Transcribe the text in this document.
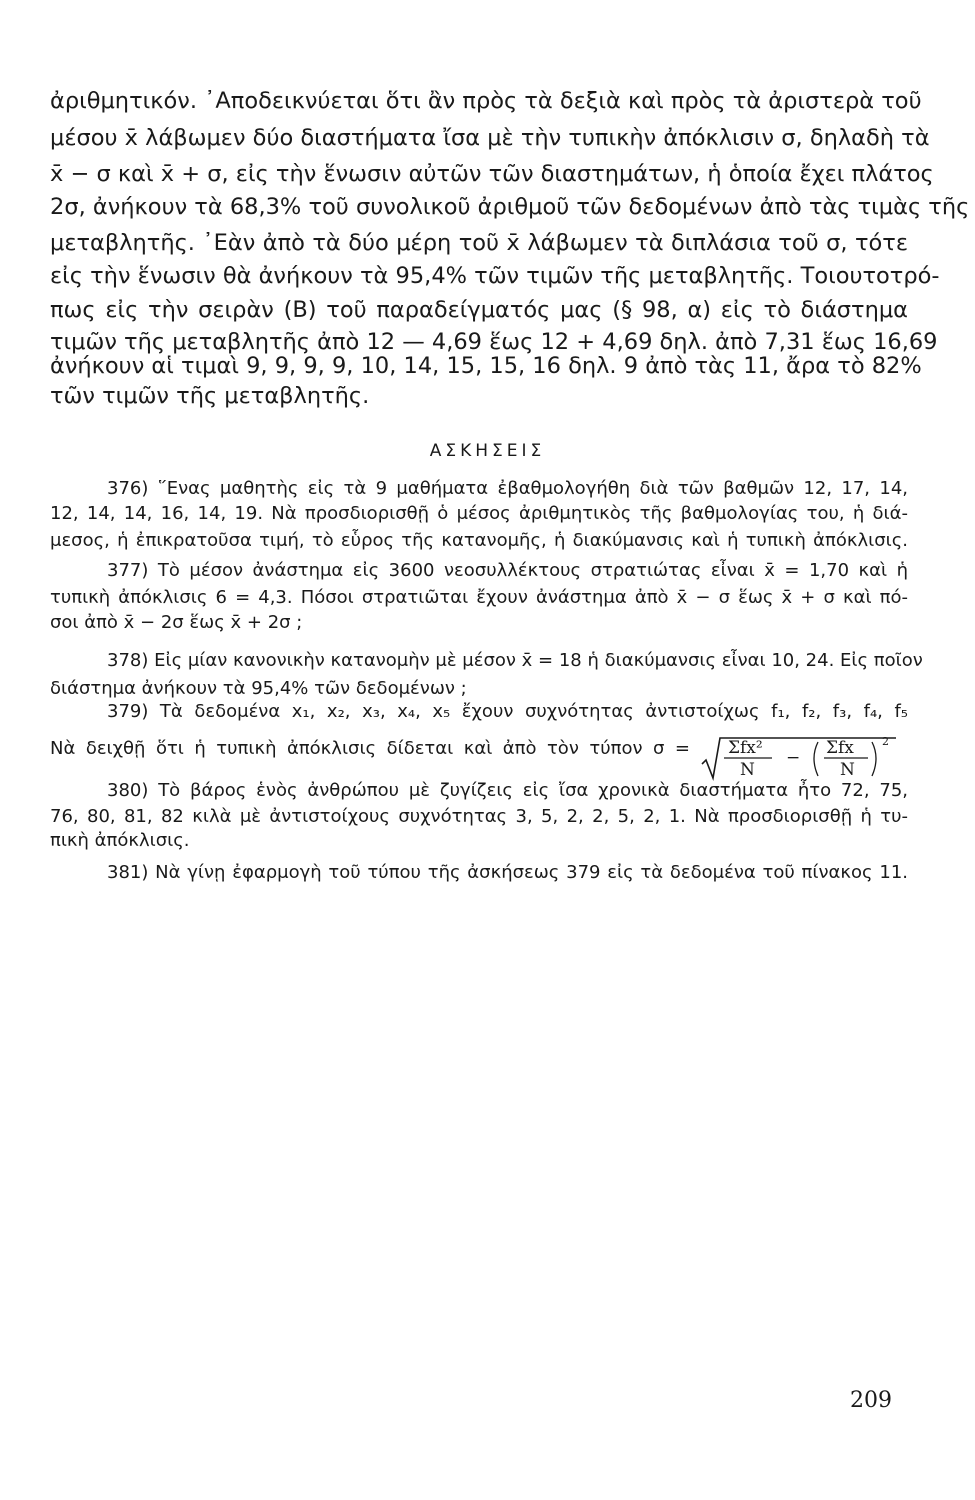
ἀριθμητικόν. ᾽Αποδεικνύεται ὅτι ἂν πρὸς τὰ δεξιὰ καὶ πρὸς τὰ ἀριστερὰ τοῦ
μέσου x̄ λάβωμεν δύο διαστήματα ἴσα μὲ τὴν τυπικὴν ἀπόκλισιν σ, δηλαδὴ τὰ
x̄ − σ καὶ x̄ + σ, εἰς τὴν ἕνωσιν αὐτῶν τῶν διαστημάτων, ἡ ὁποία ἔχει πλάτος
2σ, ἀνήκουν τὰ 68,3% τοῦ συνολικοῦ ἀριθμοῦ τῶν δεδομένων ἀπὸ τὰς τιμὰς τῆς
μεταβλητῆς. ᾽Εὰν ἀπὸ τὰ δύο μέρη τοῦ x̄ λάβωμεν τὰ διπλάσια τοῦ σ, τότε
εἰς τὴν ἕνωσιν θὰ ἀνήκουν τὰ 95,4% τῶν τιμῶν τῆς μεταβλητῆς. Τοιουτοτρό-
πως εἰς τὴν σειρὰν (Β) τοῦ παραδείγματός μας (§ 98, α) εἰς τὸ διάστημα
τιμῶν τῆς μεταβλητῆς ἀπὸ 12 — 4,69 ἕως 12 + 4,69 δηλ. ἀπὸ 7,31 ἕως 16,69
ἀνήκουν αἱ τιμαὶ 9, 9, 9, 9, 10, 14, 15, 15, 16 δηλ. 9 ἀπὸ τὰς 11, ἄρα τὸ 82%
τῶν τιμῶν τῆς μεταβλητῆς.
ΑΣΚΗΣΕΙΣ
376) ῞Ενας μαθητὴς εἰς τὰ 9 μαθήματα ἐβαθμολογήθη διὰ τῶν βαθμῶν 12, 17, 14,
12, 14, 14, 16, 14, 19. Νὰ προσδιορισθῇ ὁ μέσος ἀριθμητικὸς τῆς βαθμολογίας του, ἡ διά-
μεσος, ἡ ἐπικρατοῦσα τιμή, τὸ εὗρος τῆς κατανομῆς, ἡ διακύμανσις καὶ ἡ τυπικὴ ἀπόκλισις.
377) Τὸ μέσον ἀνάστημα εἰς 3600 νεοσυλλέκτους στρατιώτας εἶναι x̄ = 1,70 καὶ ἡ
τυπικὴ ἀπόκλισις 6 = 4,3. Πόσοι στρατιῶται ἔχουν ἀνάστημα ἀπὸ x̄ − σ ἕως x̄ + σ καὶ πό-
σοι ἀπὸ x̄ − 2σ ἕως x̄ + 2σ ;
378) Εἰς μίαν κανονικὴν κατανομὴν μὲ μέσον x̄ = 18 ἡ διακύμανσις εἶναι 10, 24. Εἰς ποῖον
διάστημα ἀνήκουν τὰ 95,4% τῶν δεδομένων ;
379) Τὰ δεδομένα x₁, x₂, x₃, x₄, x₅ ἔχουν συχνότητας ἀντιστοίχως f₁, f₂, f₃, f₄, f₅
Νὰ δειχθῇ ὅτι ἡ τυπικὴ ἀπόκλισις δίδεται καὶ ἀπὸ τὸν τύπον σ = Σfx²
N
− Σfx
N
2
380) Τὸ βάρος ἑνὸς ἀνθρώπου μὲ ζυγίζεις εἰς ἴσα χρονικὰ διαστήματα ἦτο 72, 75,
76, 80, 81, 82 κιλὰ μὲ ἀντιστοίχους συχνότητας 3, 5, 2, 2, 5, 2, 1. Νὰ προσδιορισθῇ ἡ τυ-
πικὴ ἀπόκλισις.
381) Νὰ γίνῃ ἐφαρμογὴ τοῦ τύπου τῆς ἀσκήσεως 379 εἰς τὰ δεδομένα τοῦ πίνακος 11.
209
